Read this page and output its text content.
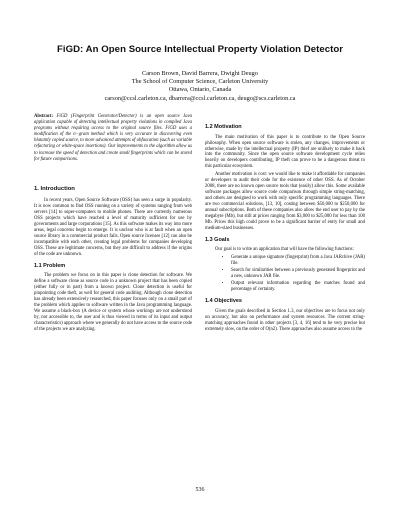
FiGD: An Open Source Intellectual Property Violation Detector
Carson Brown, David Barrera, Dwight Deugo
The School of Computer Science, Carleton University
Ottawa, Ontario, Canada
carson@ccsl.carleton.ca, dbarrera@ccsl.carleton.ca, deugo@scs.carleton.ca
Abstract: FiGD (Fingerprint Generator/Detector) is an open source Java application capable of detecting intellectual property violations in compiled Java programs without requiring access to the original source files. FiGD uses a modification of the n−gram method which is very accurate in discovering even blatantly copied source, to more advanced attempts of obfuscation (such as variable refactoring or white-space insertions). Our improvements to the algorithm allow us to increase the speed of detection and create small fingerprints which can be stored for future comparisons.
1. Introduction

In recent years, Open Source Software (OSS) has seen a surge in popularity. It is now common to find OSS running on a variety of systems ranging from web servers [14] to super-computers to mobile phones. There are currently numerous OSS projects which have reached a level of maturity sufficient for use by governments and large corporations [15]. As this software makes its way into more areas, legal concerns begin to emerge. It is unclear who is at fault when an open source library in a commercial product fails. Open source licenses [12] can also be incompatible with each other, creating legal problems for companies developing OSS. These are legitimate concerns, but they are difficult to address if the origins of the code are unknown.

1.1 Problem

The problem we focus on in this paper is clone detection for software. We define a software clone as source code in a unknown project that has been copied (either fully or in part) from a known project. Clone detection is useful for pinpointing code theft, as well for general code auditing. Although clone detection has already been extensively researched, this paper focuses only on a small part of the problem which applies to software written in the Java programming language. We assume a black-box (A device or system whose workings are not understood by, nor accessible to, the user and is thus viewed in terms of its input and output characteristics) approach where we generally do not have access to the source code of the projects we are analyzing.

1.2 Motivation

The main motivation of this paper is to contribute to the Open Source philosophy. When open source software is stolen, any changes, improvements or otherwise, made by the intellectual property (IP) thief are unlikely to make it back into the community. Since the open source software development cycle relies heavily on developers contributing, IP theft can prove to be a dangerous threat to this particular ecosystem.

Another motivation is cost: we would like to make it affordable for companies or developers to audit their code for the existence of other OSS. As of October 2008, there are no known open source tools that (easily) allow this. Some available software packages allow source code comparison through simple string-matching, and others are designed to work with only specific programming languages. There are two commercial solutions, [13, 10], costing between $50,000 to $250,000 for annual subscriptions. Both of these companies also allow the end user to pay by the megabyte (Mb), but still at prices ranging from $3,000 to $25,000 for less than 100 Mb. Prices this high could prove to be a significant barrier of entry for small and medium-sized businesses.

1.3 Goals

Our goal is to write an application that will have the following functions:

• Generate a unique signature (fingerprint) from a Java JARchive (JAR) file.
• Search for similarities between a previously generated fingerprint and a new, unknown JAR file.
• Output relevant information regarding the matches found and percentage of certainty.
1.4 Objectives

Given the goals described in Section 1.3, our objectives are to focus not only on accuracy, but also on performance and system resources. The current string-matching approaches found in other projects [3, 4, 16] tend to be very precise but extremely slow, on the order of O(n2). There approaches also assume access to the

536
